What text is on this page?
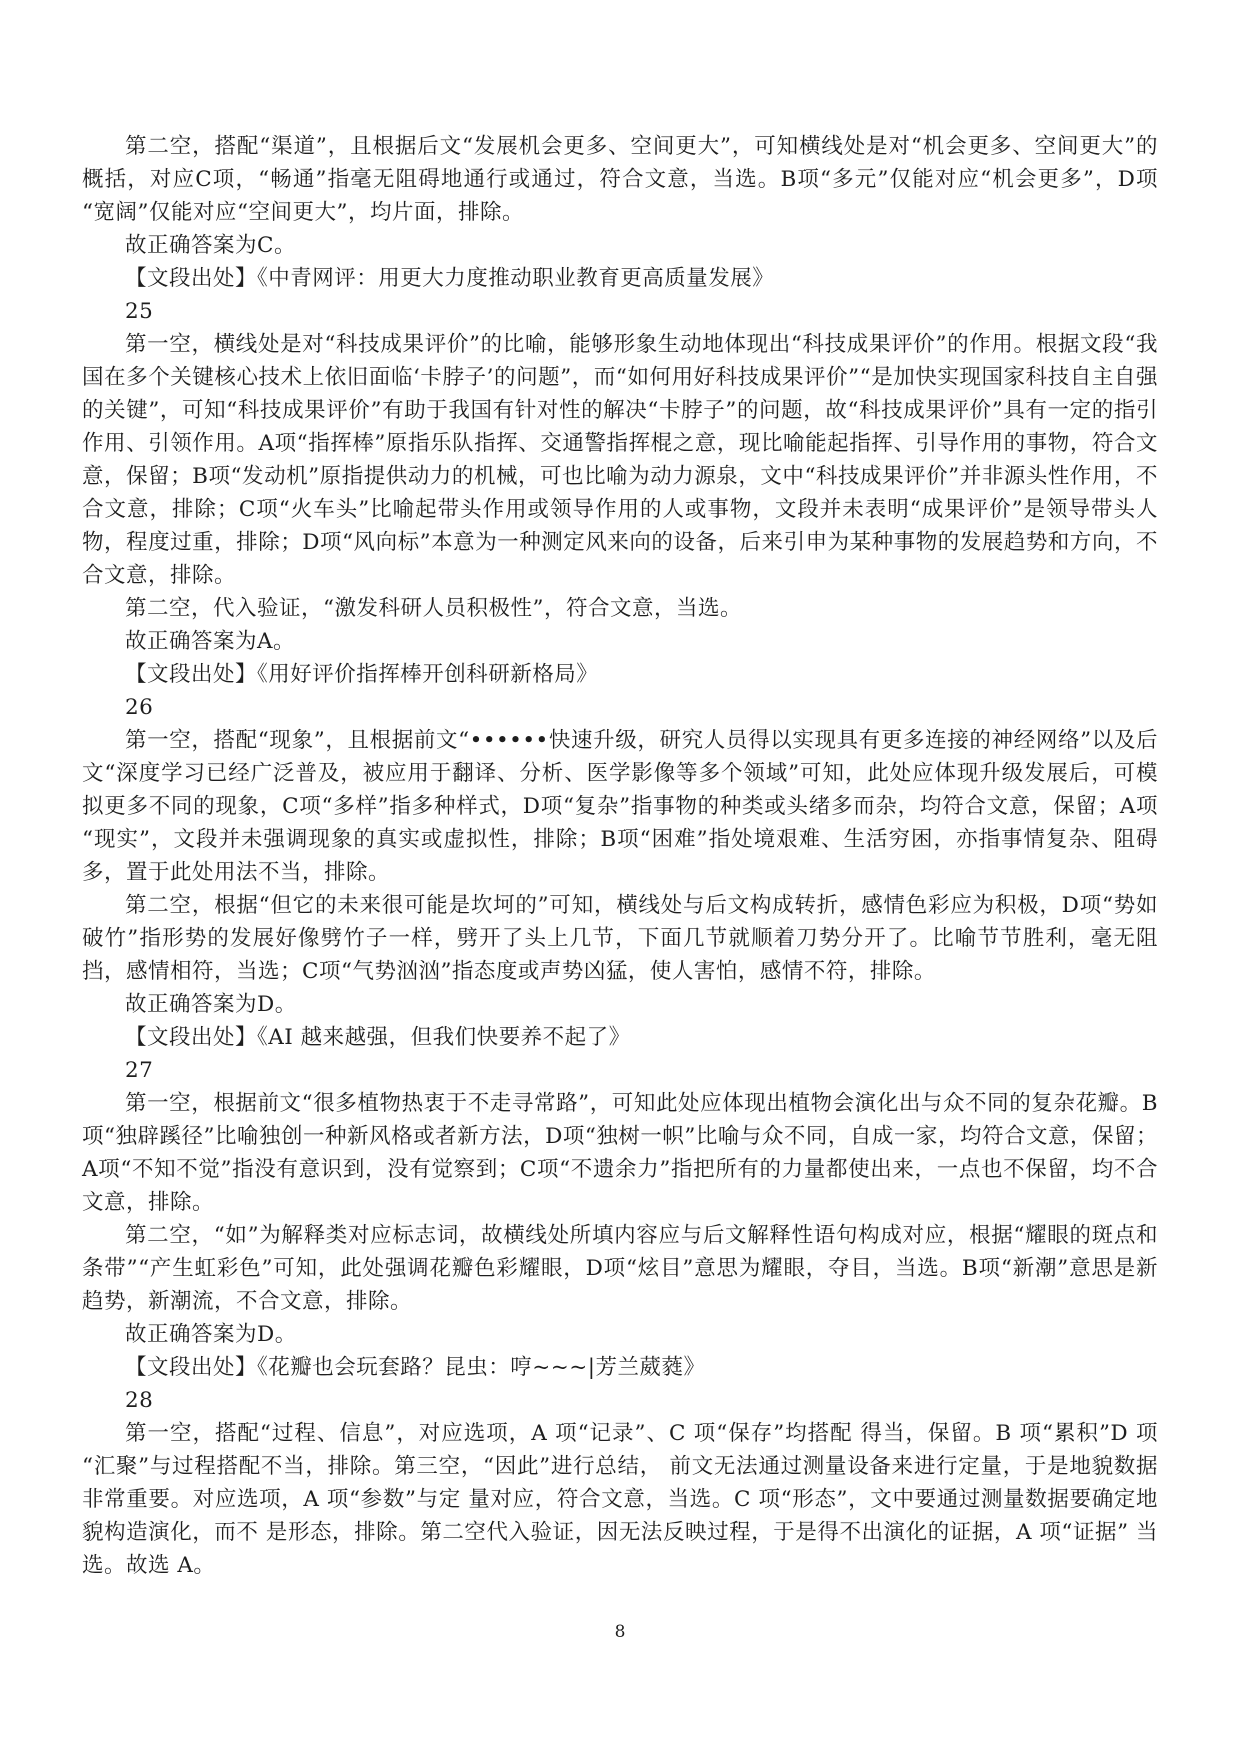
第二空，搭配“渠道”，且根据后文“发展机会更多、空间更大”，可知横线处是对“机会更多、空间更大”的概括，对应C项，“畅通”指毫无阻碍地通行或通过，符合文意，当选。B项“多元”仅能对应“机会更多”，D项“宽阔”仅能对应“空间更大”，均片面，排除。

故正确答案为C。

【文段出处】《中青网评：用更大力度推动职业教育更高质量发展》

25

第一空，横线处是对“科技成果评价”的比喻，能够形象生动地体现出“科技成果评价”的作用。根据文段“我国在多个关键核心技术上依旧面临‘卡脖子’的问题”，而“如何用好科技成果评价”“是加快实现国家科技自主自强的关键”，可知“科技成果评价”有助于我国有针对性的解决“卡脖子”的问题，故“科技成果评价”具有一定的指引作用、引领作用。A项“指挥棒”原指乐队指挥、交通警指挥棍之意，现比喻能起指挥、引导作用的事物，符合文意，保留；B项“发动机”原指提供动力的机械，可也比喻为动力源泉，文中“科技成果评价”并非源头性作用，不合文意，排除；C项“火车头”比喻起带头作用或领导作用的人或事物，文段并未表明“成果评价”是领导带头人物，程度过重，排除；D项“风向标”本意为一种测定风来向的设备，后来引申为某种事物的发展趋势和方向，不合文意，排除。

第二空，代入验证，“激发科研人员积极性”，符合文意，当选。

故正确答案为A。

【文段出处】《用好评价指挥棒开创科研新格局》

26

第一空，搭配“现象”，且根据前文“••••••快速升级，研究人员得以实现具有更多连接的神经网络”以及后文“深度学习已经广泛普及，被应用于翻译、分析、医学影像等多个领域”可知，此处应体现升级发展后，可模拟更多不同的现象，C项“多样”指多种样式，D项“复杂”指事物的种类或头绪多而杂，均符合文意，保留；A项“现实”，文段并未强调现象的真实或虚拟性，排除；B项“困难”指处境艰难、生活穷困，亦指事情复杂、阻碍多，置于此处用法不当，排除。

第二空，根据“但它的未来很可能是坎坷的”可知，横线处与后文构成转折，感情色彩应为积极，D项“势如破竹”指形势的发展好像劈竹子一样，劈开了头上几节，下面几节就顺着刀势分开了。比喻节节胜利，毫无阻挡，感情相符，当选；C项“气势汹汹”指态度或声势凶猛，使人害怕，感情不符，排除。

故正确答案为D。

【文段出处】《AI 越来越强，但我们快要养不起了》

27

第一空，根据前文“很多植物热衷于不走寻常路”，可知此处应体现出植物会演化出与众不同的复杂花瓣。B项“独辟蹊径”比喻独创一种新风格或者新方法，D项“独树一帜”比喻与众不同，自成一家，均符合文意，保留；A项“不知不觉”指没有意识到，没有觉察到；C项“不遗余力”指把所有的力量都使出来，一点也不保留，均不合文意，排除。

第二空，“如”为解释类对应标志词，故横线处所填内容应与后文解释性语句构成对应，根据“耀眼的斑点和条带”“产生虹彩色”可知，此处强调花瓣色彩耀眼，D项“炫目”意思为耀眼，夺目，当选。B项“新潮”意思是新趋势，新潮流，不合文意，排除。

故正确答案为D。

【文段出处】《花瓣也会玩套路？昆虫：哼~~~|芳兰葳蕤》

28

第一空，搭配“过程、信息”，对应选项，A 项“记录”、C 项“保存”均搭配 得当，保留。B 项“累积”D 项“汇聚”与过程搭配不当，排除。第三空，“因此”进行总结， 前文无法通过测量设备来进行定量，于是地貌数据非常重要。对应选项，A 项“参数”与定 量对应，符合文意，当选。C 项“形态”，文中要通过测量数据要确定地貌构造演化，而不 是形态，排除。第二空代入验证，因无法反映过程，于是得不出演化的证据，A 项“证据” 当选。故选 A。

8
